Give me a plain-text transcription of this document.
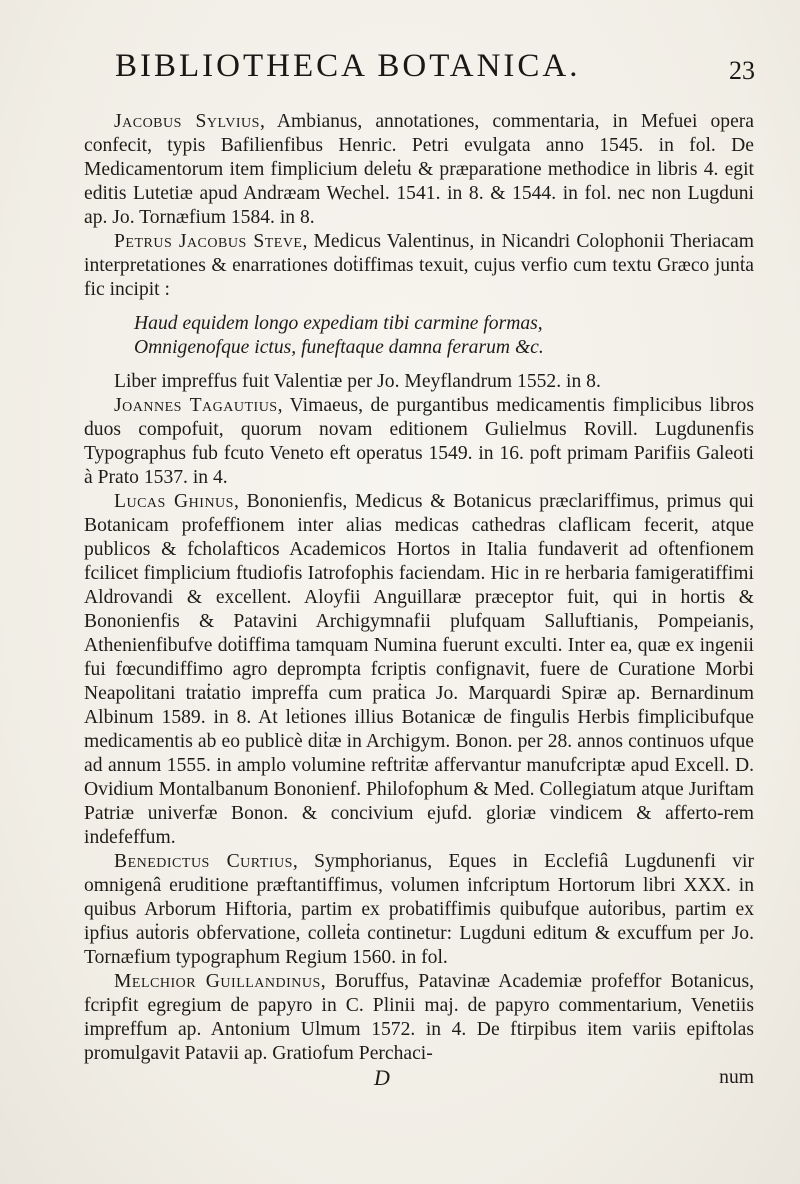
BIBLIOTHECA BOTANICA.	23

Jacobus Sylvius, Ambianus, annotationes, commentaria, in Mefuei opera confecit, typis Bafilienfibus Henric. Petri evulgata anno 1545. in fol. De Medicamentorum item fimplicium deleṫu & præparatione methodice in libris 4. egit editis Lutetiæ apud Andræam Wechel. 1541. in 8. & 1544. in fol. nec non Lugduni ap. Jo. Tornæfium 1584. in 8.

Petrus Jacobus Steve, Medicus Valentinus, in Nicandri Colophonii Theriacam interpretationes & enarrationes doṫiffimas texuit, cujus verfio cum textu Græco junṫa fic incipit :

Haud equidem longo expediam tibi carmine formas,
Omnigenofque ictus, funeftaque damna ferarum &c.

Liber impreffus fuit Valentiæ per Jo. Meyflandrum 1552. in 8.

Joannes Tagautius, Vimaeus, de purgantibus medicamentis fimplicibus libros duos compofuit, quorum novam editionem Gulielmus Rovill. Lugdunenfis Typographus fub fcuto Veneto eft operatus 1549. in 16. poft primam Parifiis Galeoti à Prato 1537. in 4.

Lucas Ghinus, Bononienfis, Medicus & Botanicus præclariffimus, primus qui Botanicam profeffionem inter alias medicas cathedras claflicam fecerit, atque publicos & fcholafticos Academicos Hortos in Italia fundaverit ad oftenfionem fcilicet fimplicium ftudiofis Iatrofophis faciendam. Hic in re herbaria famigeratiffimi Aldrovandi & excellent. Aloyfii Anguillaræ præceptor fuit, qui in hortis & Bononienfis & Patavini Archigymnafii plufquam Salluftianis, Pompeianis, Athenienfibufve doṫiffima tamquam Numina fuerunt exculti. Inter ea, quæ ex ingenii fui fœcundiffimo agro deprompta fcriptis confignavit, fuere de Curatione Morbi Neapolitani traṫatio impreffa cum praṫica Jo. Marquardi Spiræ ap. Bernardinum Albinum 1589. in 8. At leṫiones illius Botanicæ de fingulis Herbis fimplicibufque medicamentis ab eo publicè diṫæ in Archigym. Bonon. per 28. annos continuos ufque ad annum 1555. in amplo volumine reftriṫæ affervantur manufcriptæ apud Excell. D. Ovidium Montalbanum Bononienf. Philofophum & Med. Collegiatum atque Juriftam Patriæ univerfæ Bonon. & concivium ejufd. gloriæ vindicem & afferto-rem indefeffum.

Benedictus Curtius, Symphorianus, Eques in Ecclefiâ Lugdunenfi vir omnigenâ eruditione præftantiffimus, volumen infcriptum Hortorum libri XXX. in quibus Arborum Hiftoria, partim ex probatiffimis quibufque auṫoribus, partim ex ipfius auṫoris obfervatione, colleṫa continetur: Lugduni editum & excuffum per Jo. Tornæfium typographum Regium 1560. in fol.

Melchior Guillandinus, Boruffus, Patavinæ Academiæ profeffor Botanicus, fcripfit egregium de papyro in C. Plinii maj. de papyro commentarium, Venetiis impreffum ap. Antonium Ulmum 1572. in 4. De ftirpibus item variis epiftolas promulgavit Patavii ap. Gratiofum Perchaci-

D	num
